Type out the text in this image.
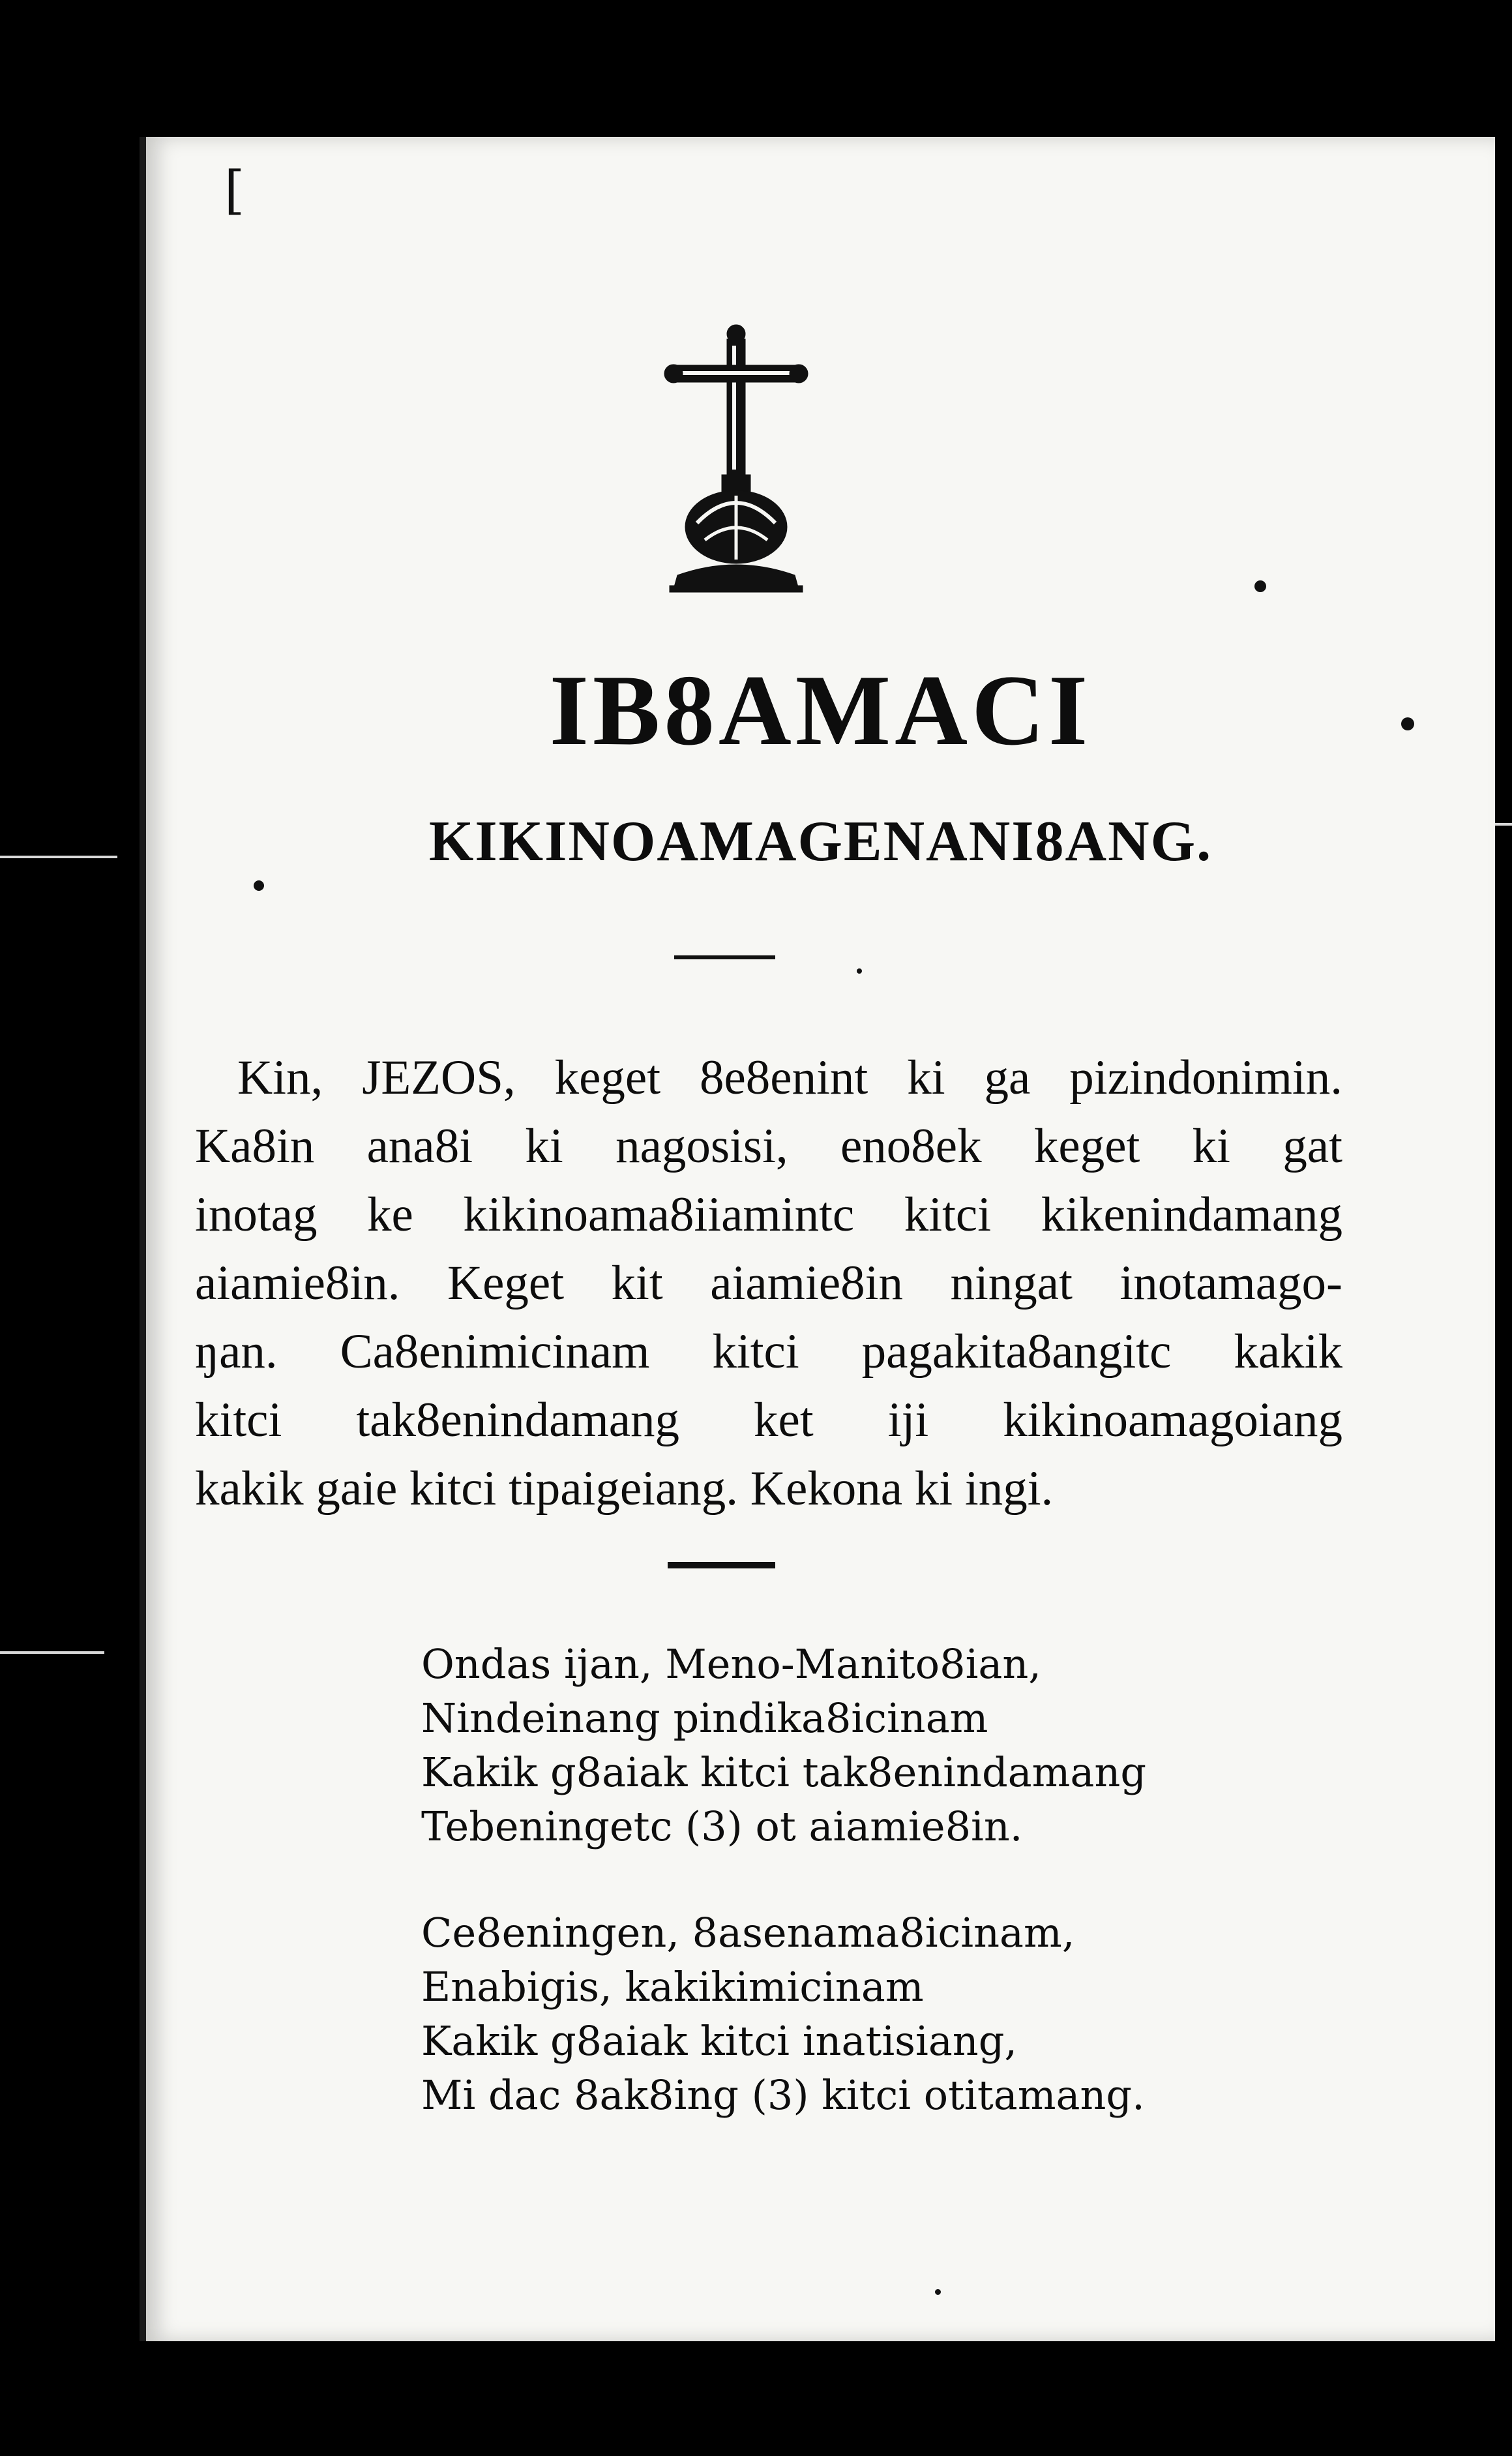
[
IB8AMACI
KIKINOAMAGENANI8ANG.
Kin, JEZOS, keget 8e8enint ki ga pizindonimin.
Ka8in ana8i ki nagosisi, eno8ek keget ki gat
inotag ke kikinoama8iiamintc kitci kikenindamang
aiamie8in. Keget kit aiamie8in ningat inotamago-
ŋan. Ca8enimicinam kitci pagakita8angitc kakik
kitci tak8enindamang ket iji kikinoamagoiang
kakik gaie kitci tipaigeiang. Kekona ki ingi.
Ondas ijan, Meno-Manito8ian,
Nindeinang pindika8icinam
Kakik g8aiak kitci tak8enindamang
Tebeningetc (3) ot aiamie8in.
Ce8eningen, 8asenama8icinam,
Enabigis, kakikimicinam
Kakik g8aiak kitci inatisiang,
Mi dac 8ak8ing (3) kitci otitamang.
